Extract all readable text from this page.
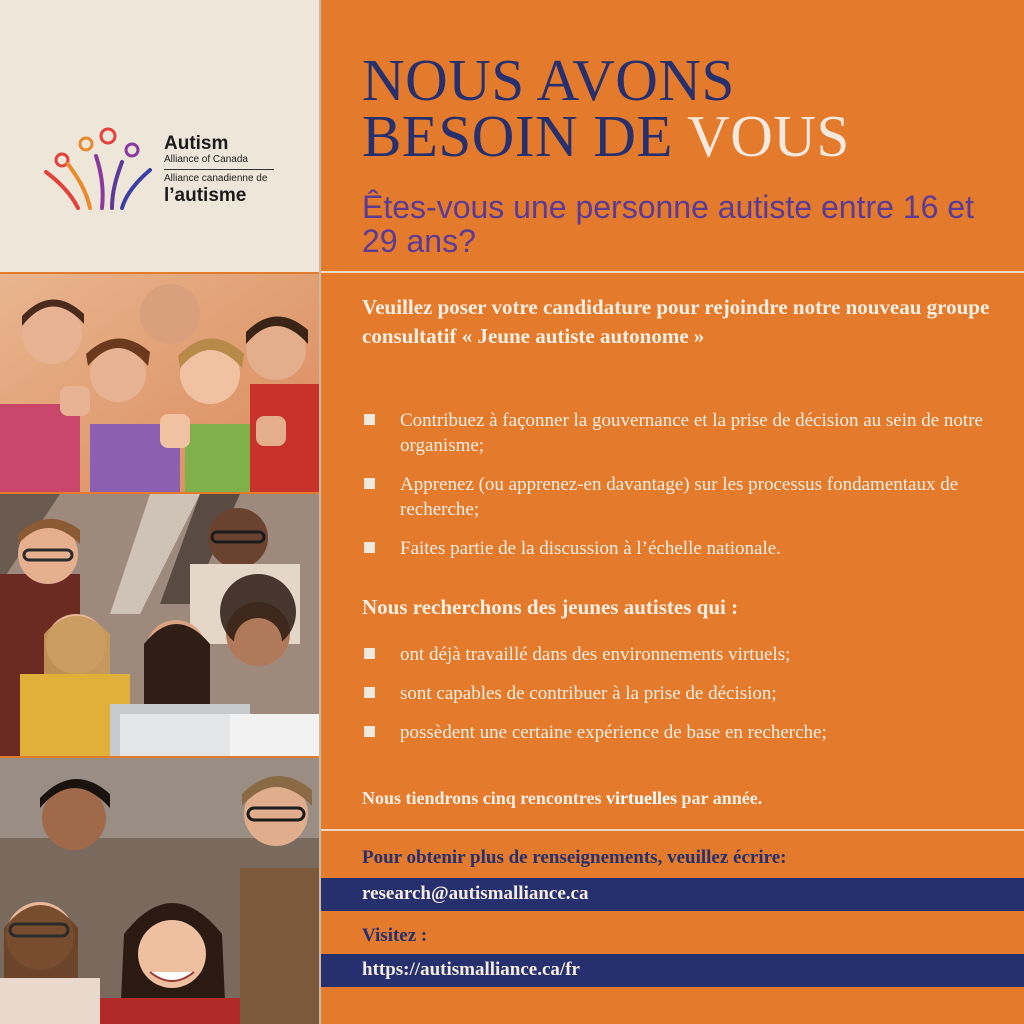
Autism
Alliance of Canada
Alliance canadienne de
l’autisme
NOUS AVONS
BESOIN DE VOUS
Êtes-vous une personne autiste entre 16 et 29 ans?
Veuillez poser votre candidature pour rejoindre notre nouveau groupe consultatif « Jeune autiste autonome »
Contribuez à façonner la gouvernance et la prise de décision au sein de notre organisme;
Apprenez (ou apprenez-en davantage) sur les processus fondamentaux de recherche;
Faites partie de la discussion à l’échelle nationale.
Nous recherchons des jeunes autistes qui :
ont déjà travaillé dans des environnements virtuels;
sont capables de contribuer à la prise de décision;
possèdent une certaine expérience de base en recherche;
Nous tiendrons cinq rencontres virtuelles par année.
Pour obtenir plus de renseignements, veuillez écrire:
research@autismalliance.ca
Visitez :
https://autismalliance.ca/fr
